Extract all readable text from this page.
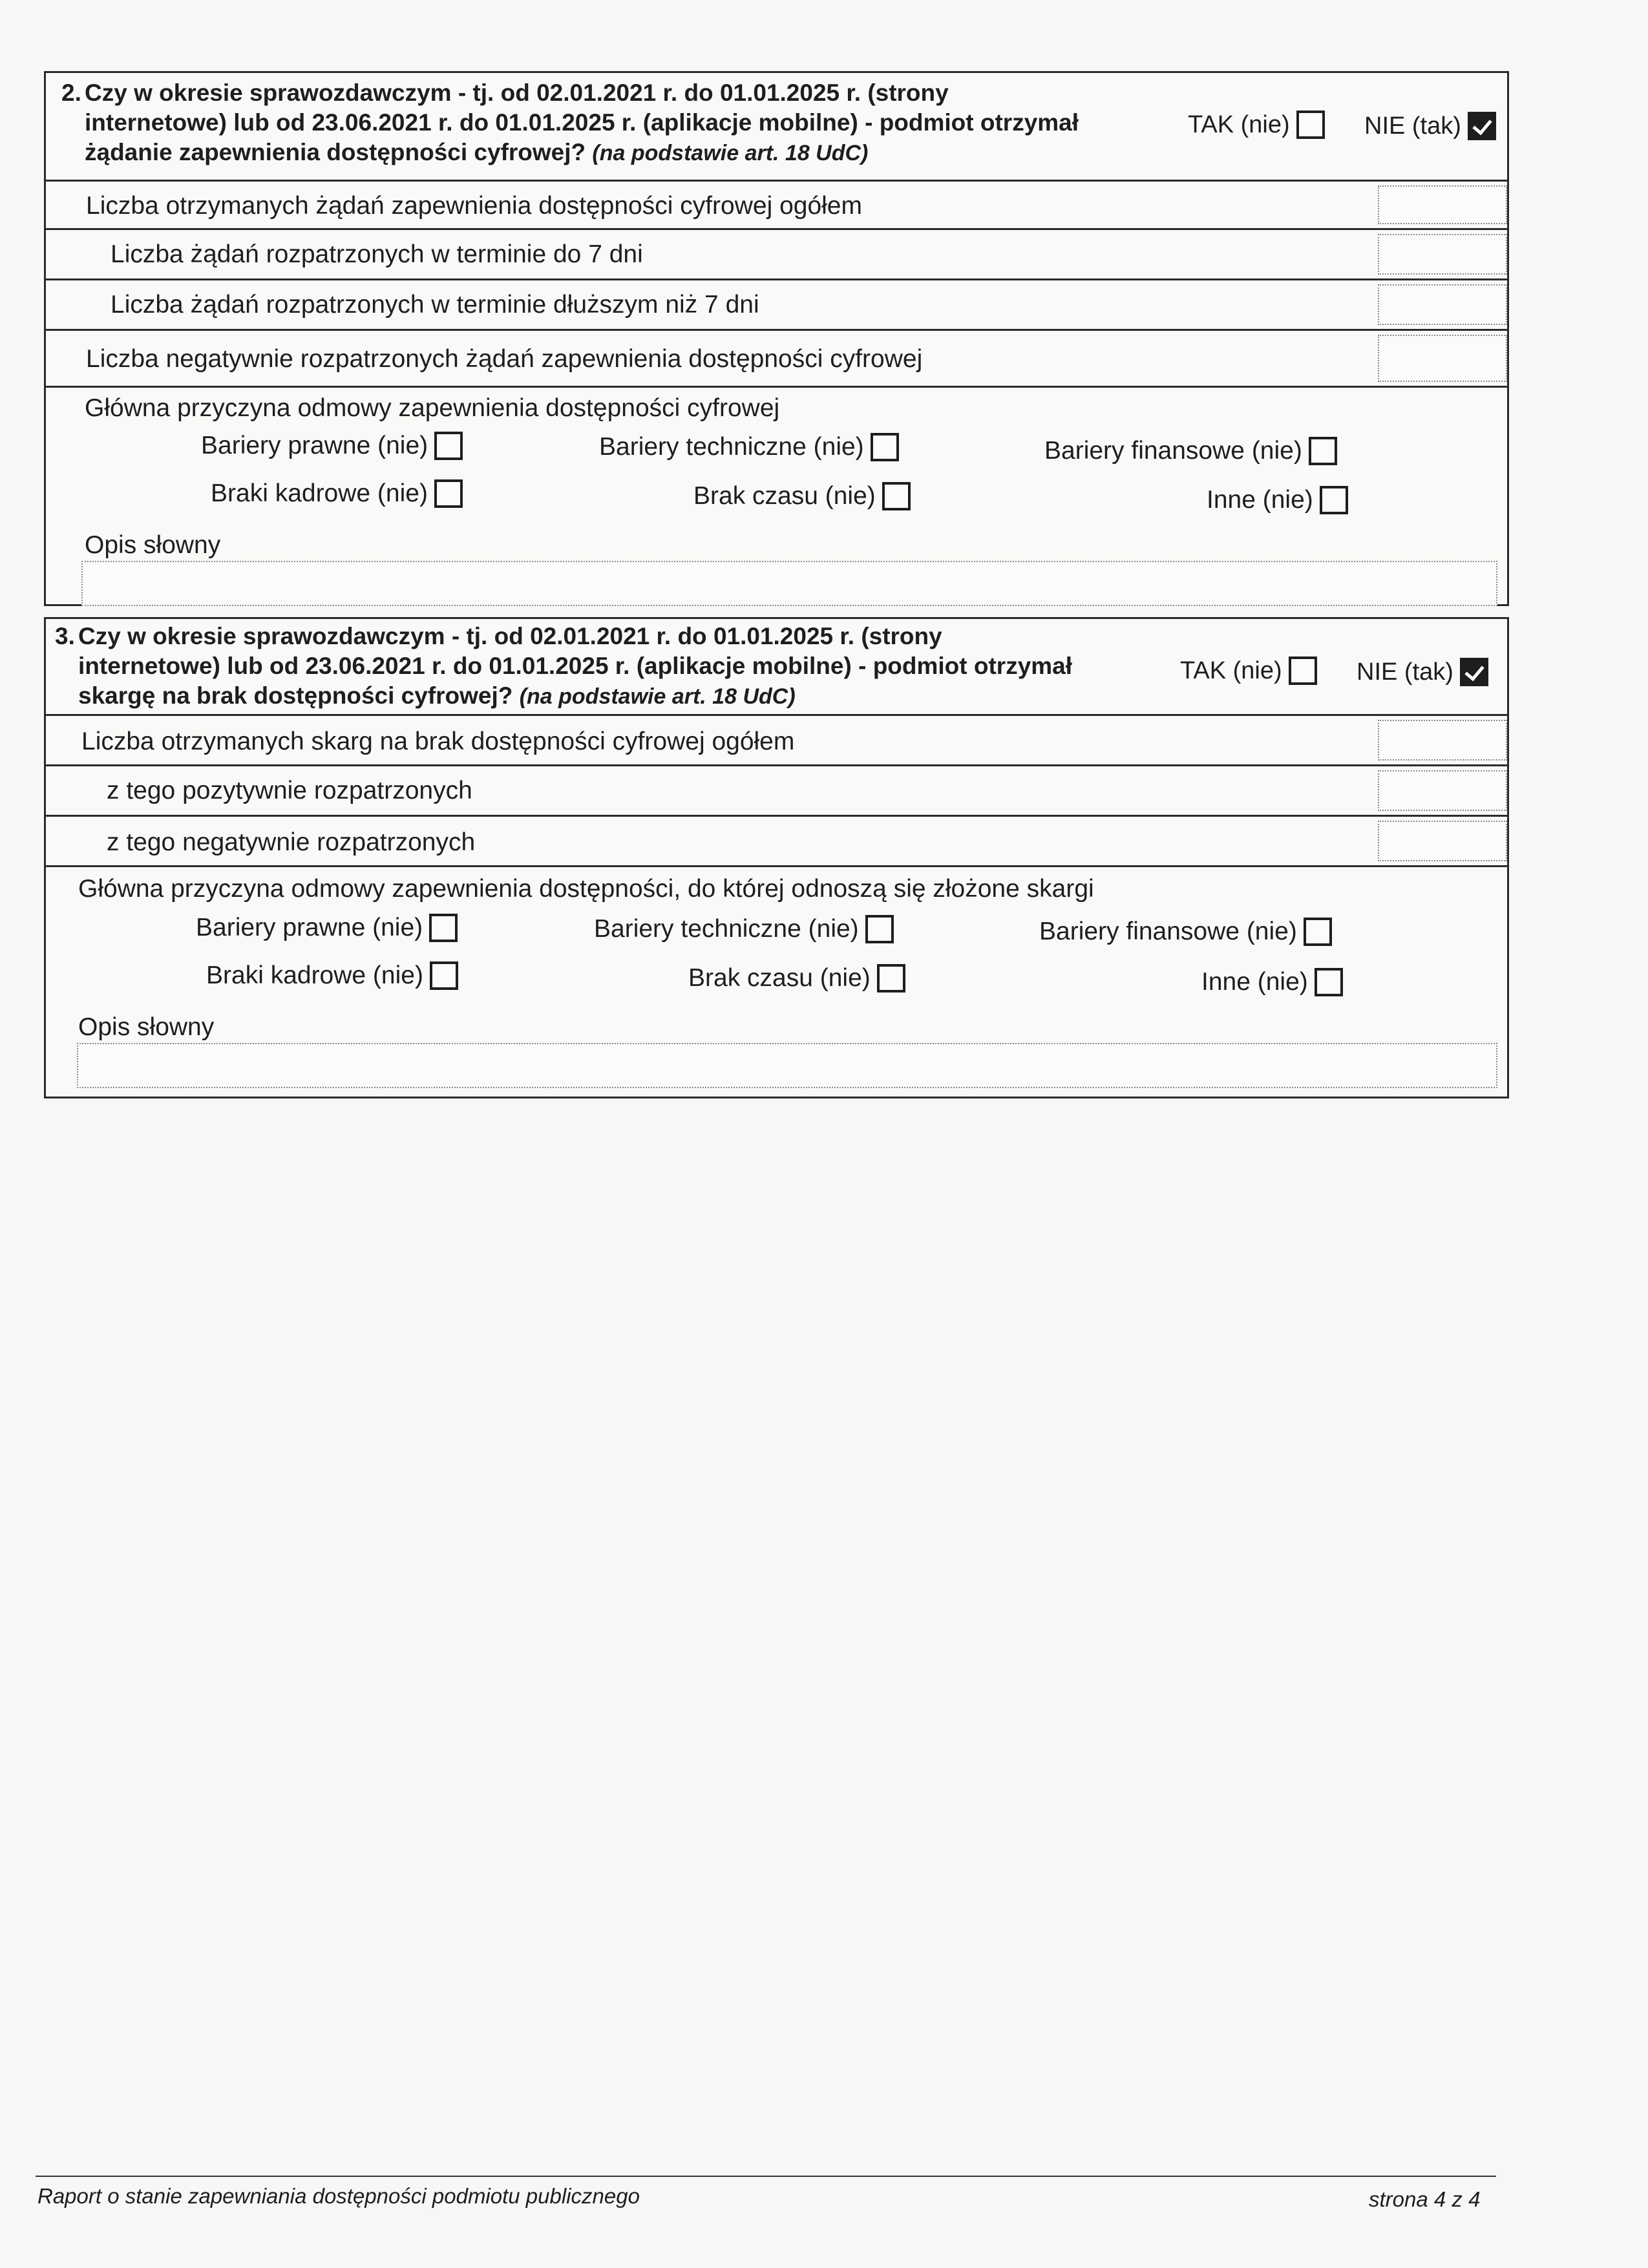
2. Czy w okresie sprawozdawczym - tj. od 02.01.2021 r. do 01.01.2025 r. (strony
internetowe) lub od 23.06.2021 r. do 01.01.2025 r. (aplikacje mobilne) - podmiot otrzymał
żądanie zapewnienia dostępności cyfrowej? (na podstawie art. 18 UdC)
TAK (nie)	NIE (tak)
Liczba otrzymanych żądań zapewnienia dostępności cyfrowej ogółem
Liczba żądań rozpatrzonych w terminie do 7 dni
Liczba żądań rozpatrzonych w terminie dłuższym niż 7 dni
Liczba negatywnie rozpatrzonych żądań zapewnienia dostępności cyfrowej
Główna przyczyna odmowy zapewnienia dostępności cyfrowej
Bariery prawne (nie)	Bariery techniczne (nie)	Bariery finansowe (nie)
Braki kadrowe (nie)	Brak czasu (nie)	Inne (nie)
Opis słowny
3. Czy w okresie sprawozdawczym - tj. od 02.01.2021 r. do 01.01.2025 r. (strony
internetowe) lub od 23.06.2021 r. do 01.01.2025 r. (aplikacje mobilne) - podmiot otrzymał
skargę na brak dostępności cyfrowej? (na podstawie art. 18 UdC)
TAK (nie)	NIE (tak)
Liczba otrzymanych skarg na brak dostępności cyfrowej ogółem
z tego pozytywnie rozpatrzonych
z tego negatywnie rozpatrzonych
Główna przyczyna odmowy zapewnienia dostępności, do której odnoszą się złożone skargi
Bariery prawne (nie)	Bariery techniczne (nie)	Bariery finansowe (nie)
Braki kadrowe (nie)	Brak czasu (nie)	Inne (nie)
Opis słowny
Raport o stanie zapewniania dostępności podmiotu publicznego	strona 4 z 4
